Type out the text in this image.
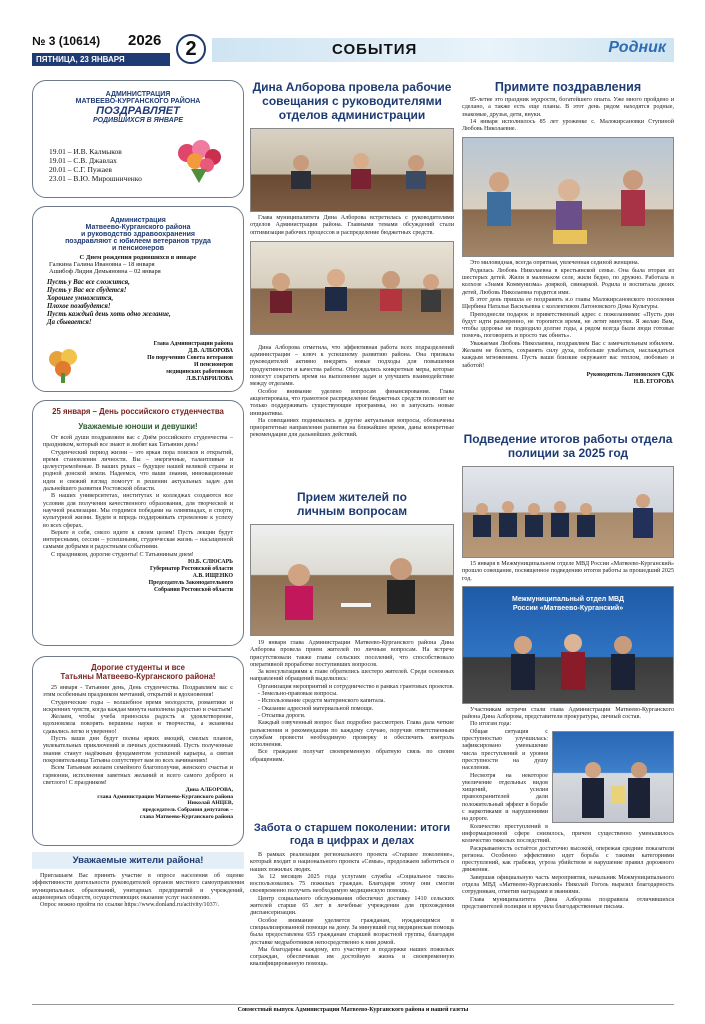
№ 3 (10614) 2026
ПЯТНИЦА, 23 ЯНВАРЯ	2	СОБЫТИЯ	Родник
АДМИНИСТРАЦИЯ
МАТВЕЕВО-КУРГАНСКОГО РАЙОНА
ПОЗДРАВЛЯЕТ
РОДИВШИХСЯ В ЯНВАРЕ
19.01 – И.В. Калмыков
19.01 – С.В. Джавлах
20.01 – С.Г. Пужаев
23.01 – В.Ю. Мирошниченко
Администрация
Матвеево-Курганского района
и руководство здравоохранения
поздравляют с юбилеем ветеранов труда
и пенсионеров
С Днем рождения родившихся в январе
Галкина Галина Ивановна – 18 января
Ашибоф Лидия Демьяновна – 02 января
Пусть у Вас все сложится,
Пусть у Вас все сбудется!
Хорошее умножится,
Плохое позабудется!
Пусть каждый день хоть одно желание,
Да сбывается!
Глава Администрации района
Д.В. АЛБОРОВА
По поручению Совета ветеранов
И пенсионеров
медицинских работников
Л.В.ГАВРИЛОВА
25 января – День российского студенчества
Уважаемые юноши и девушки!

От всей души поздравляем вас с Днём российского студенчества – праздником, который все знают и любят как Татьянин день!

Студенческий период жизни – это яркая пора поисков и открытий, время становления личности. Вы – энергичные, талантливые и целеустремлённые. В ваших руках – будущее нашей великой страны и родной донской земли. Надеемся, что ваши знания, инновационные идеи и свежий взгляд помогут в решении актуальных задач для дальнейшего развития Ростовской области.

В наших университетах, институтах и колледжах создаются все условия для получения качественного образования, для творческой и научной реализации. Мы гордимся победами на олимпиадах, в спорте, культурной жизни. Будем и впредь поддерживать стремление к успеху во всех сферах.

Верьте в себя, смело идите к своим целям! Пусть лекции будут интересными, сессии – успешными, студенческая жизнь – насыщенной самыми добрыми и радостными событиями.

С праздником, дорогие студенты! С Татьяниным днем!

Ю.Б. СЛЮСАРЬ
Губернатор Ростовской области
А.В. ИЩЕНКО
Председатель Законодательного
Собрания Ростовской области
Дорогие студенты и все
Татьяны Матвеево-Курганского района!

25 января - Татьянин день, День студенчества. Поздравляем вас с этим особенным праздником мечтаний, открытий и вдохновения!

Студенческие годы – волшебное время молодости, романтики и искренних чувств, когда каждая минута наполнена радостью и счастьем!

Желаем, чтобы учеба приносила радость и удовлетворение, вдохновляла покорять вершины науки и творчества, а экзамены сдавались легко и уверенно!

Пусть ваши дни будут полны ярких эмоций, смелых планов, увлекательных приключений и личных достижений. Пусть полученные знания станут надёжным фундаментом успешной карьеры, а святая покровительница Татьяна сопутствует вам во всех начинаниях!

Всем Татьянам желаем семейного благополучия, женского счастья и гармонии, исполнения заветных желаний и всего самого доброго и светлого! С праздником!

Дина АЛБОРОВА,
глава Администрации Матвеево-Курганского района
Николай АНЦЕВ,
председатель Собрания депутатов –
глава Матвеево-Курганского района
Уважаемые жители района!

Приглашаем Вас принять участие в опросе населения об оценке эффективности деятельности руководителей органов местного самоуправления муниципальных образований, унитарных предприятий и учреждений, акционерных обществ, осуществляющих оказание услуг населению.

Опрос можно пройти по ссылке https://www.donland.ru/activity/1037/.

Дина Алборова провела рабочие совещания с руководителями отделов администрации

Глава муниципалитета Дина Алборова встретилась с руководителями отделов Администрации района. Главными темами обсуждений стали оптимизация рабочих процессов и распределение бюджетных средств.

Дина Алборова отметила, что эффективная работа всех подразделений администрации – ключ к успешному развитию района. Она призвала руководителей активно внедрять новые подходы для повышения продуктивности и качества работы. Обсуждались конкретные меры, которые помогут сократить время на выполнение задач и улучшить взаимодействие между отделами.

Особое внимание уделено вопросам финансирования. Глава акцентировала, что грамотное распределение бюджетных средств позволит не только поддерживать существующие программы, но и запускать новые инициативы.

На совещаниях поднимались и другие актуальные вопросы, обозначены приоритетные направления развития на ближайшее время, даны конкретные рекомендации для дальнейших действий.

Прием жителей по личным вопросам

19 января глава Администрации Матвеево-Курганского района Дина Алборова провела прием жителей по личным вопросам. На встрече присутствовали также главы сельских поселений, что способствовало оперативной проработке поступивших вопросов.

За консультациями к главе обратились шестеро жителей. Среди основных направлений обращений выделились:

Организация мероприятий и сотрудничество в рамках грантовых проектов.

- Земельно-правовые вопросы.

- Использование средств материнского капитала.

- Оказание адресной материальной помощи.

- Отсыпка дороги.

Каждый озвученный вопрос был подробно рассмотрен. Глава дала четкие разъяснения и рекомендации по каждому случаю, поручив ответственным службам провести необходимую проверку и обеспечить контроль исполнения.

Все граждане получат своевременную обратную связь по своим обращениям.

Забота о старшем поколении: итоги года в цифрах и делах

В рамках реализации регионального проекта «Старшее поколение», который входит в национального проекта «Семья», продолжаем заботиться о наших пожилых людях.

За 12 месяцев 2025 года услугами службы «Социальное такси» воспользовались 75 пожилых граждан. Благодаря этому они смогли своевременно получать необходимую медицинскую помощь.

Центр социального обслуживания обеспечил доставку 1410 сельских жителей старше 65 лет в лечебные учреждения для прохождения диспансеризации.

Особое внимание уделяется гражданам, нуждающимся в специализированной помощи на дому. За минувший год медицинская помощь была предоставлена 655 гражданам старшей возрастной группы, благодаря доставке медработников непосредственно к ним домой.

Мы благодарны каждому, кто участвует в поддержке наших пожилых сограждан, обеспечивая им достойную жизнь и своевременную квалифицированную помощь.

Примите поздравления

85-летие это праздник мудрости, богатейшего опыта. Уже много пройдено и сделано, а также есть еще планы. В этот день рядом находятся родные, знакомые, друзья, дети, внуки.

14 января исполнилось 85 лет уроженке с. Малокирсановки Ступиной Любовь Николаевне.

Это миловидная, всегда опрятная, увлеченная сединой женщина.

Родилась Любовь Николаевна в крестьянской семье. Она была вторая из шестерых детей. Жили в маленьком селе, жили бедно, по дружно. Работала в колхозе «Знамя Коммунизма» дояркой, свинаркой. Родила и воспитала двоих детей, Любовь Николаевна гордится ими.

В этот день пришла ее поздравить и.о главы Малокирсановского поселения Щербина Наталья Васильевна с коллективом Латоновского Дома Культуры.

Преподнесли подарок и приветственный адрес с пожеланиями: «Пусть дни будут идти размеренно, не торопится время, не летят минутки. Я желаю Вам, чтобы здоровье не подводило долгие годы, а рядом всегда были люди готовые помочь, поговорить и просто так обнять».

Уважаемая Любовь Николаевна, поздравляем Вас с замечательным юбилеем. Желаем не болеть, сохранять силу духа, побольше улыбаться, наслаждаться каждым мгновением. Пусть ваши близкие окружают вас теплом, любовью и заботой!

Руководитель Латоновского СДК
Н.В. ЕГОРОВА
Подведение итогов работы отдела полиции за 2025 год

15 января в Межмуниципальном отделе МВД России «Матвеево-Курганский» прошло совещание, посвященное подведению итогов работы за прошедший 2025 год.

Межмуниципальный отдел МВД России «Матвеево-Курганский»

Участникам встречи стали глава Администрации Матвеево-Курганского района Дина Алборова, представители прокуратуры, личный состав.

По итогам года:

Общая ситуация с преступностью улучшилась: зафиксировано уменьшение числа преступлений и уровня преступности на душу населения.

Несмотря на некоторое увеличение отдельных видов хищений, усилия правоохранителей дали положительный эффект в борьбе с наркотиками и нарушениями на дороге.

Количество преступлений в информационной сфере снизилось, причем существенно уменьшилось количество тяжелых последствий.

Раскрываемость остаётся достаточно высокой, опережая средние показатели региона. Особенно эффективно идет борьба с такими категориями преступлений, как грабежи, угроза убийством и нарушение правил дорожного движения.

Завершая официальную часть мероприятия, начальник Межмуниципального отдела МВД «Матвеево-Курганский» Николай Гоголь выразил благодарность сотрудникам, отметив наградами и званиями.

Глава муниципалитета Дина Алборова поздравила отличившихся представителей полиции и вручила благодарственные письма.

Совместный выпуск Администрации Матвеево-Курганского района и нашей газеты
